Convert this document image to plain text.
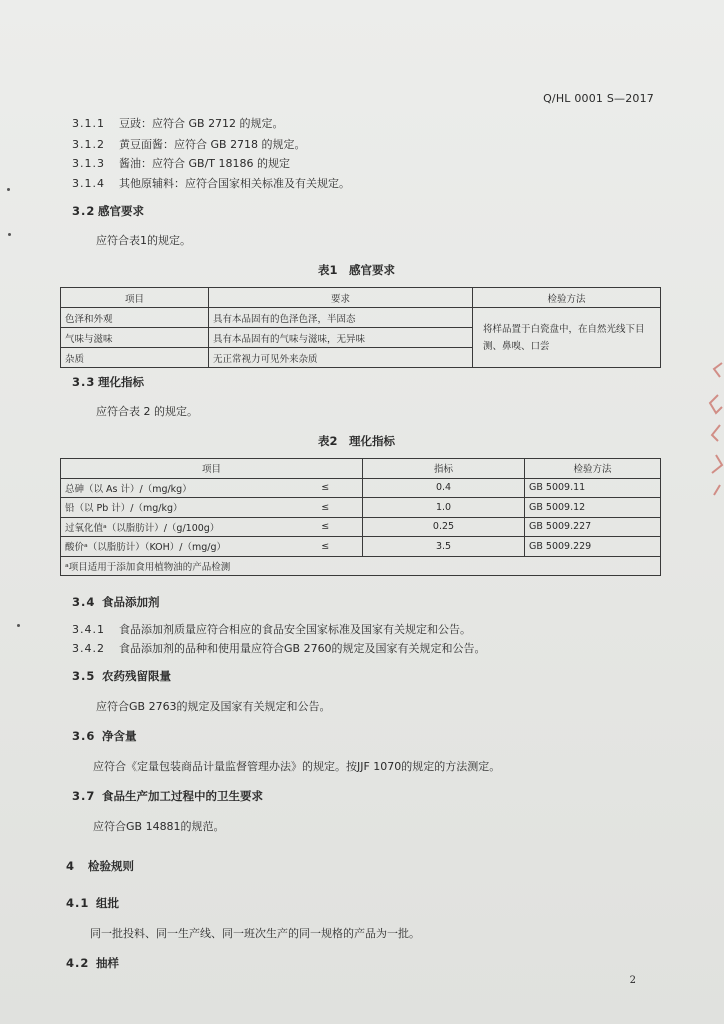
Q/HL 0001 S—2017
3.1.1 豆豉：应符合 GB 2712 的规定。
3.1.2 黄豆面酱：应符合 GB 2718 的规定。
3.1.3 酱油：应符合 GB/T 18186 的规定
3.1.4 其他原辅料：应符合国家相关标准及有关规定。
3.2 感官要求
应符合表1的规定。
表1　感官要求
项目	要求	检验方法
色泽和外观	具有本品固有的色泽色泽，半固态	将样品置于白瓷盘中，在自然光线下目测、鼻嗅、口尝
气味与滋味	具有本品固有的气味与滋味，无异味	
杂质	无正常视力可见外来杂质	
3.3 理化指标
应符合表 2 的规定。
表2　理化指标
项目		指标	检验方法
总砷（以 As 计）/（mg/kg）	≤	0.4	GB 5009.11
铅（以 Pb 计）/（mg/kg）	≤	1.0	GB 5009.12
过氧化值ᵃ（以脂肪计）/（g/100g）	≤	0.25	GB 5009.227
酸价ᵃ（以脂肪计）（KOH）/（mg/g）	≤	3.5	GB 5009.229
ᵃ项目适用于添加食用植物油的产品检测			
3.4 食品添加剂
3.4.1 食品添加剂质量应符合相应的食品安全国家标准及国家有关规定和公告。
3.4.2 食品添加剂的品种和使用量应符合GB 2760的规定及国家有关规定和公告。
3.5 农药残留限量
应符合GB 2763的规定及国家有关规定和公告。
3.6 净含量
应符合《定量包装商品计量监督管理办法》的规定。按JJF 1070的规定的方法测定。
3.7 食品生产加工过程中的卫生要求
应符合GB 14881的规范。
4 检验规则
4.1 组批
同一批投料、同一生产线、同一班次生产的同一规格的产品为一批。
4.2 抽样
2
